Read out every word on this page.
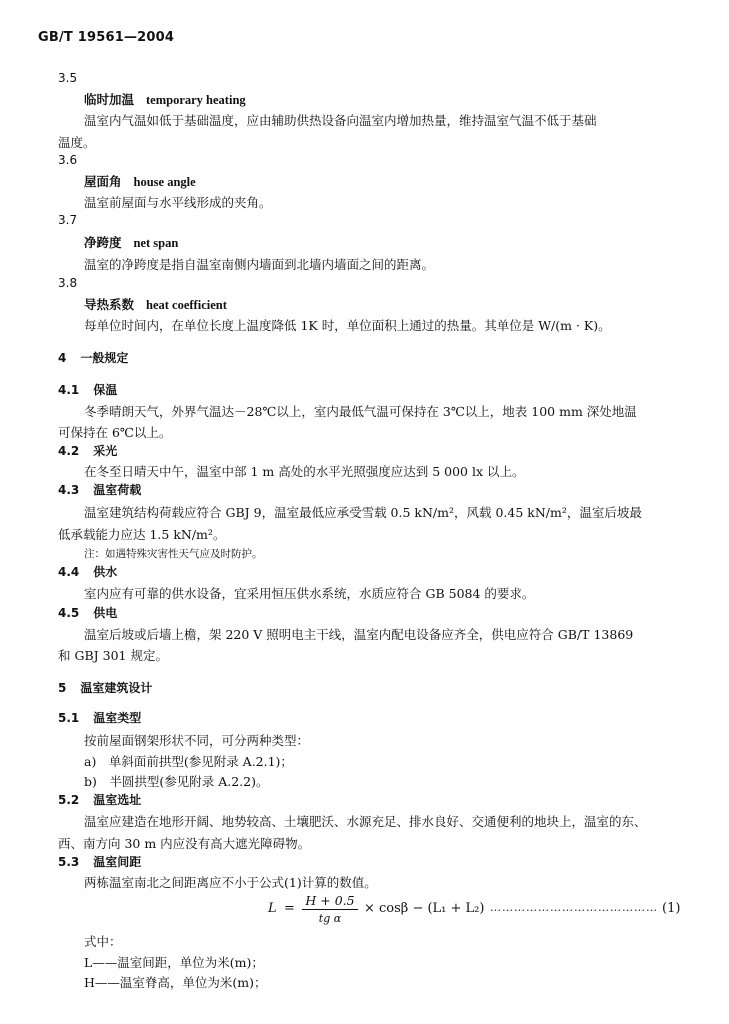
GB/T 19561—2004
3.5
临时加温 temporary heating
温室内气温如低于基础温度，应由辅助供热设备向温室内增加热量，维持温室气温不低于基础
温度。
3.6
屋面角 house angle
温室前屋面与水平线形成的夹角。
3.7
净跨度 net span
温室的净跨度是指自温室南侧内墙面到北墙内墙面之间的距离。
3.8
导热系数 heat coefficient
每单位时间内，在单位长度上温度降低 1K 时，单位面积上通过的热量。其单位是 W/(m · K)。
4 一般规定
4.1 保温
冬季晴朗天气，外界气温达－28℃以上，室内最低气温可保持在 3℃以上，地表 100 mm 深处地温
可保持在 6℃以上。
4.2 采光
在冬至日晴天中午，温室中部 1 m 高处的水平光照强度应达到 5 000 lx 以上。
4.3 温室荷载
温室建筑结构荷载应符合 GBJ 9，温室最低应承受雪载 0.5 kN/m²，风载 0.45 kN/m²，温室后坡最
低承载能力应达 1.5 kN/m²。
注：如遇特殊灾害性天气应及时防护。
4.4 供水
室内应有可靠的供水设备，宜采用恒压供水系统，水质应符合 GB 5084 的要求。
4.5 供电
温室后坡或后墙上檐，架 220 V 照明电主干线，温室内配电设备应齐全，供电应符合 GB/T 13869
和 GBJ 301 规定。
5 温室建筑设计
5.1 温室类型
按前屋面钢架形状不同，可分两种类型：
a)　单斜面前拱型(参见附录 A.2.1)；
b)　半圆拱型(参见附录 A.2.2)。
5.2 温室选址
温室应建造在地形开阔、地势较高、土壤肥沃、水源充足、排水良好、交通便利的地块上，温室的东、
西、南方向 30 m 内应没有高大遮光障碍物。
5.3 温室间距
两栋温室南北之间距离应不小于公式(1)计算的数值。
L =
H + 0.5
tg α
× cosβ − (L₁ + L₂) …………………………………… (1)
式中：
L——温室间距，单位为米(m)；
H——温室脊高，单位为米(m)；
